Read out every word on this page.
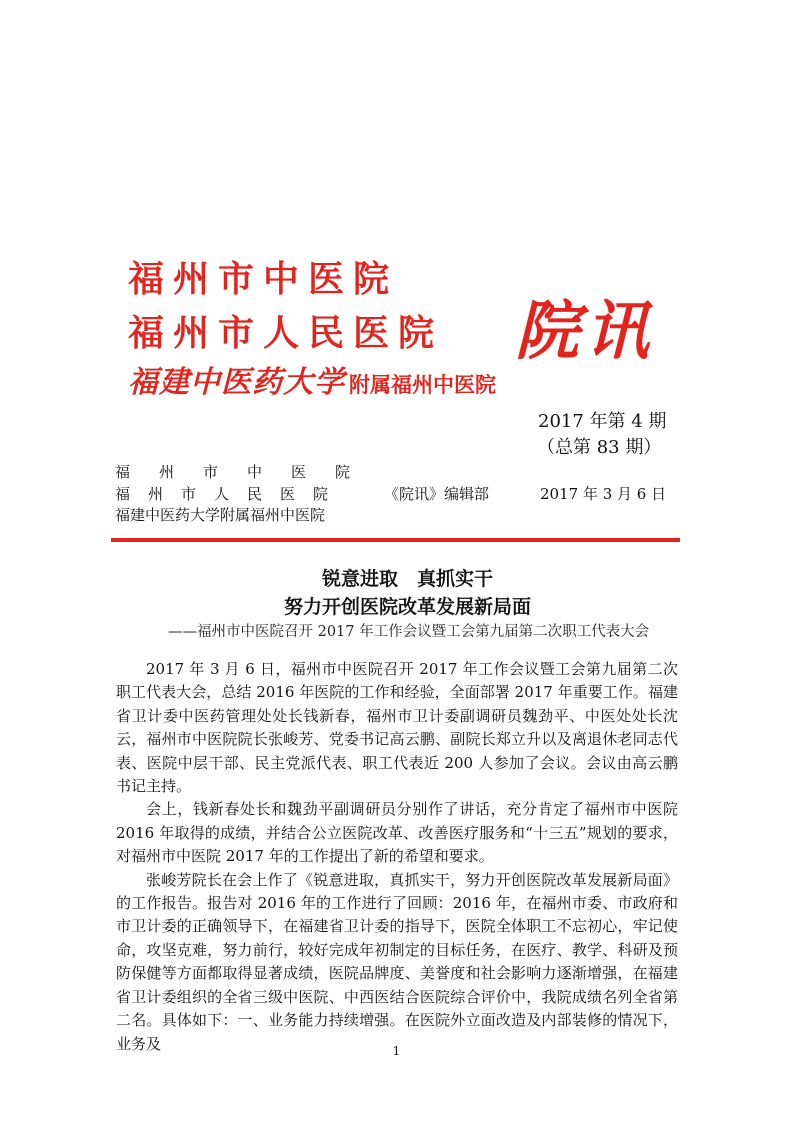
福州市中医院
福州市人民医院
福建中医药大学 附属福州中医院
院讯
2017 年第 4 期
（总第 83 期）
福州市中医院
福州市人民医院
福建中医药大学附属福州中医院
《院讯》编辑部	2017 年 3 月 6 日
锐意进取　真抓实干
努力开创医院改革发展新局面
——福州市中医院召开 2017 年工作会议暨工会第九届第二次职工代表大会

2017 年 3 月 6 日，福州市中医院召开 2017 年工作会议暨工会第九届第二次职工代表大会，总结 2016 年医院的工作和经验，全面部署 2017 年重要工作。福建省卫计委中医药管理处处长钱新春，福州市卫计委副调研员魏劲平、中医处处长沈云，福州市中医院院长张峻芳、党委书记高云鹏、副院长郑立升以及离退休老同志代表、医院中层干部、民主党派代表、职工代表近 200 人参加了会议。会议由高云鹏书记主持。

会上，钱新春处长和魏劲平副调研员分别作了讲话，充分肯定了福州市中医院 2016 年取得的成绩，并结合公立医院改革、改善医疗服务和“十三五”规划的要求，对福州市中医院 2017 年的工作提出了新的希望和要求。

张峻芳院长在会上作了《锐意进取，真抓实干，努力开创医院改革发展新局面》的工作报告。报告对 2016 年的工作进行了回顾：2016 年，在福州市委、市政府和市卫计委的正确领导下，在福建省卫计委的指导下，医院全体职工不忘初心，牢记使命，攻坚克难，努力前行，较好完成年初制定的目标任务，在医疗、教学、科研及预防保健等方面都取得显著成绩，医院品牌度、美誉度和社会影响力逐渐增强，在福建省卫计委组织的全省三级中医院、中西医结合医院综合评价中，我院成绩名列全省第二名。具体如下：一、业务能力持续增强。在医院外立面改造及内部装修的情况下，业务及	1
